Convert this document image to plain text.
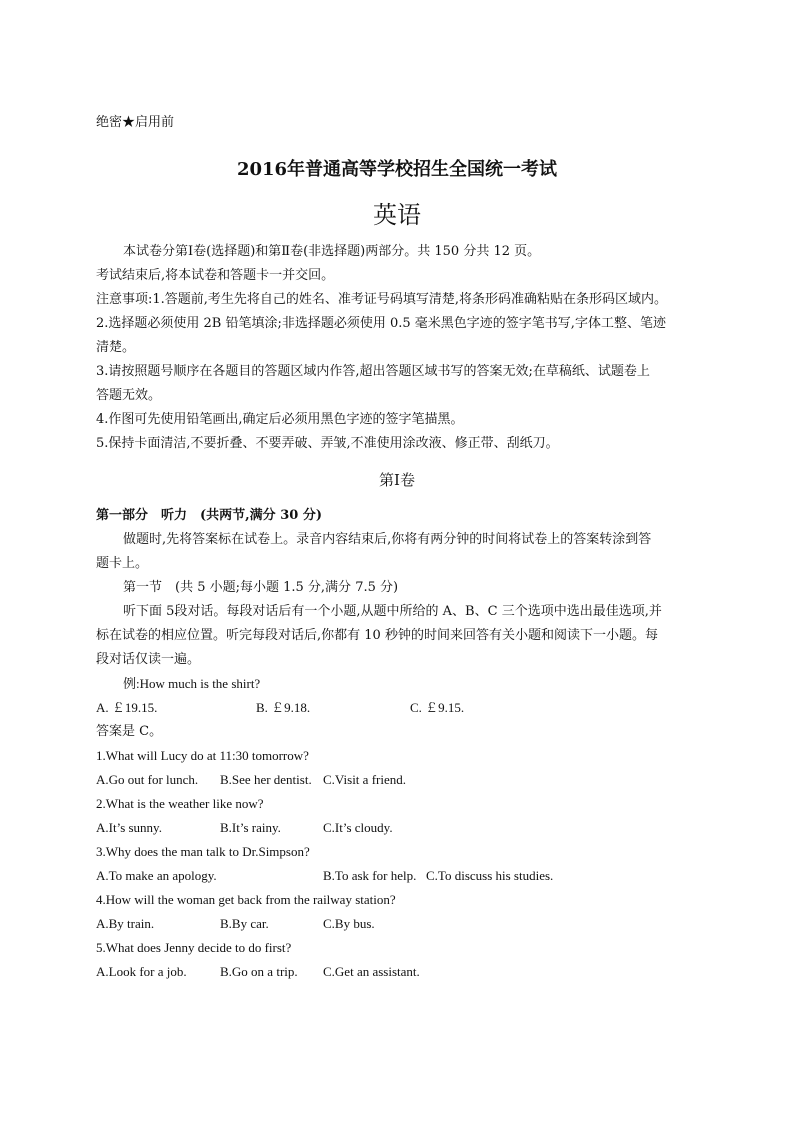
绝密★启用前
2016年普通高等学校招生全国统一考试
英语
本试卷分第Ⅰ卷(选择题)和第Ⅱ卷(非选择题)两部分。共 150 分共 12 页。
考试结束后,将本试卷和答题卡一并交回。
注意事项:1.答题前,考生先将自己的姓名、准考证号码填写清楚,将条形码准确粘贴在条形码区域内。
2.选择题必须使用 2B 铅笔填涂;非选择题必须使用 0.5 毫米黑色字迹的签字笔书写,字体工整、笔迹
清楚。
3.请按照题号顺序在各题目的答题区域内作答,超出答题区域书写的答案无效;在草稿纸、试题卷上
答题无效。
4.作图可先使用铅笔画出,确定后必须用黑色字迹的签字笔描黑。
5.保持卡面清洁,不要折叠、不要弄破、弄皱,不准使用涂改液、修正带、刮纸刀。
第Ⅰ卷
第一部分　听力　(共两节,满分 30 分)
做题时,先将答案标在试卷上。录音内容结束后,你将有两分钟的时间将试卷上的答案转涂到答
题卡上。
第一节　(共 5 小题;每小题 1.5 分,满分 7.5 分)
听下面 5段对话。每段对话后有一个小题,从题中所给的 A、B、C 三个选项中选出最佳选项,并
标在试卷的相应位置。听完每段对话后,你都有 10 秒钟的时间来回答有关小题和阅读下一小题。每
段对话仅读一遍。
例:How much is the shirt?
A. ￡19.15.	B. ￡9.18.	C. ￡9.15.
答案是 C。
1.What will Lucy do at 11:30 tomorrow?
A.Go out for lunch. B.See her dentist. C.Visit a friend.
2.What is the weather like now?
A.It’s sunny.	B.It’s rainy.	C.It’s cloudy.
3.Why does the man talk to Dr.Simpson?
A.To make an apology.	B.To ask for help. C.To discuss his studies.
4.How will the woman get back from the railway station?
A.By train.	B.By car.	C.By bus.
5.What does Jenny decide to do first?
A.Look for a job.	B.Go on a trip. C.Get an assistant.
